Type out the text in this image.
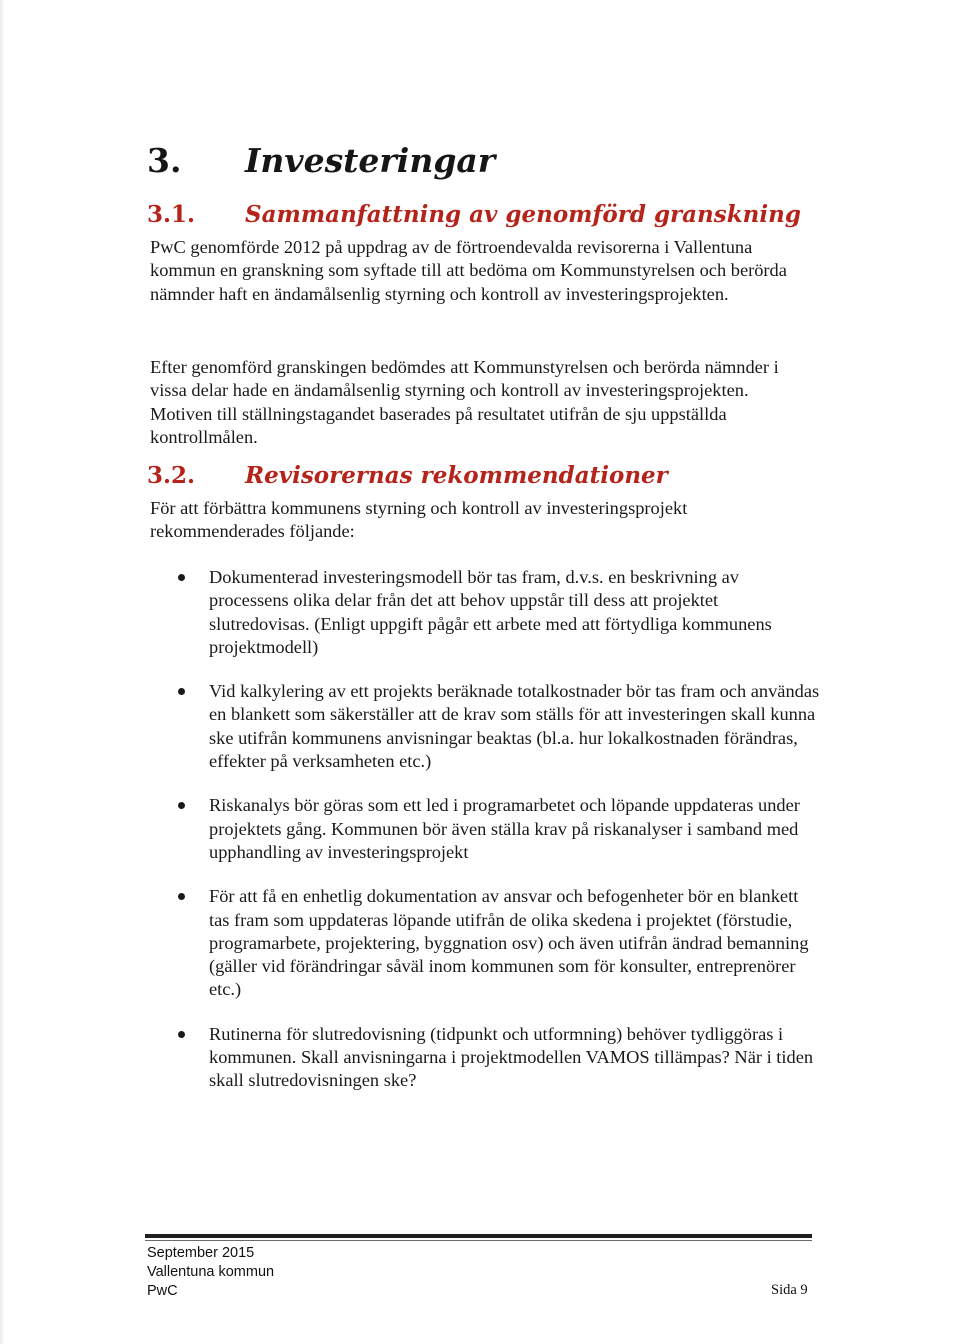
3. Investeringar
3.1. Sammanfattning av genomförd granskning

PwC genomförde 2012 på uppdrag av de förtroendevalda revisorerna i Vallentuna kommun en granskning som syftade till att bedöma om Kommunstyrelsen och berörda nämnder haft en ändamålsenlig styrning och kontroll av investeringsprojekten.

Efter genomförd granskingen bedömdes att Kommunstyrelsen och berörda nämnder i vissa delar hade en ändamålsenlig styrning och kontroll av investeringsprojekten. Motiven till ställningstagandet baserades på resultatet utifrån de sju uppställda kontrollmålen.

3.2. Revisorernas rekommendationer

För att förbättra kommunens styrning och kontroll av investeringsprojekt rekommenderades följande:

Dokumenterad investeringsmodell bör tas fram, d.v.s. en beskrivning av processens olika delar från det att behov uppstår till dess att projektet slutredovisas. (Enligt uppgift pågår ett arbete med att förtydliga kommunens projektmodell)
Vid kalkylering av ett projekts beräknade totalkostnader bör tas fram och användas en blankett som säkerställer att de krav som ställs för att investeringen skall kunna ske utifrån kommunens anvisningar beaktas (bl.a. hur lokalkostnaden förändras, effekter på verksamheten etc.)
Riskanalys bör göras som ett led i programarbetet och löpande uppdateras under projektets gång. Kommunen bör även ställa krav på riskanalyser i samband med upphandling av investeringsprojekt
För att få en enhetlig dokumentation av ansvar och befogenheter bör en blankett tas fram som uppdateras löpande utifrån de olika skedena i projektet (förstudie, programarbete, projektering, byggnation osv) och även utifrån ändrad bemanning (gäller vid förändringar såväl inom kommunen som för konsulter, entreprenörer etc.)
Rutinerna för slutredovisning (tidpunkt och utformning) behöver tydliggöras i kommunen. Skall anvisningarna i projektmodellen VAMOS tillämpas? När i tiden skall slutredovisningen ske?
September 2015
Vallentuna kommun
PwC	Sida 9
